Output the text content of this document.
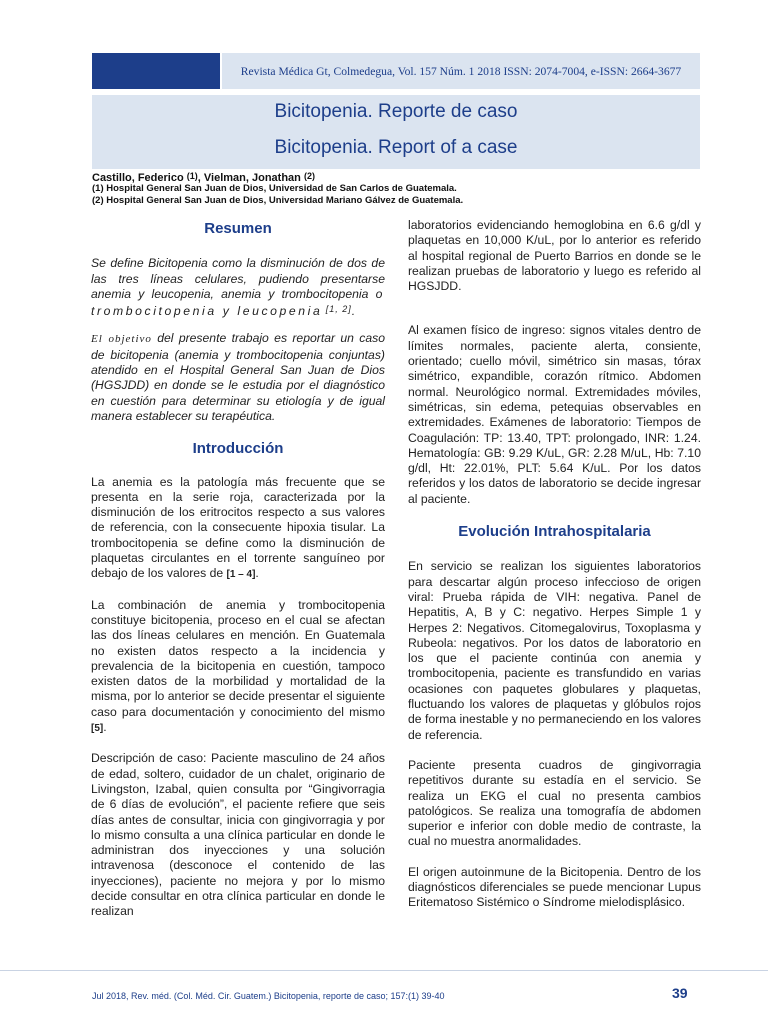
Revista Médica Gt, Colmedegua, Vol. 157 Núm. 1 2018 ISSN: 2074-7004, e-ISSN: 2664-3677
Bicitopenia. Reporte de caso
Bicitopenia. Report of a case
Castillo, Federico $^{(1)}$, Vielman, Jonathan $^{(2)}$
(1) Hospital General San Juan de Dios, Universidad de San Carlos de Guatemala.
(2) Hospital General San Juan de Dios, Universidad Mariano Gálvez de Guatemala.
Resumen

Se define Bicitopenia como la disminución de dos de las tres líneas celulares, pudiendo presentarse anemia y leucopenia, anemia y trombocitopenia o trombocitopenia y leucopenia [1, 2].

El objetivo del presente trabajo es reportar un caso de bicitopenia (anemia y trombocitopenia conjuntas) atendido en el Hospital General San Juan de Dios (HGSJDD) en donde se le estudia por el diagnóstico en cuestión para determinar su etiología y de igual manera establecer su terapéutica.

Introducción

La anemia es la patología más frecuente que se presenta en la serie roja, caracterizada por la disminución de los eritrocitos respecto a sus valores de referencia, con la consecuente hipoxia tisular. La trombocitopenia se define como la disminución de plaquetas circulantes en el torrente sanguíneo por debajo de los valores de [1 – 4].

La combinación de anemia y trombocitopenia constituye bicitopenia, proceso en el cual se afectan las dos líneas celulares en mención. En Guatemala no existen datos respecto a la incidencia y prevalencia de la bicitopenia en cuestión, tampoco existen datos de la morbilidad y mortalidad de la misma, por lo anterior se decide presentar el siguiente caso para documentación y conocimiento del mismo [5].

Descripción de caso: Paciente masculino de 24 años de edad, soltero, cuidador de un chalet, originario de Livingston, Izabal, quien consulta por “Gingivorragia de 6 días de evolución”, el paciente refiere que seis días antes de consultar, inicia con gingivorragia y por lo mismo consulta a una clínica particular en donde le administran dos inyecciones y una solución intravenosa (desconoce el contenido de las inyecciones), paciente no mejora y por lo mismo decide consultar en otra clínica particular en donde le realizan

laboratorios evidenciando hemoglobina en 6.6 g/dl y plaquetas en 10,000 K/uL, por lo anterior es referido al hospital regional de Puerto Barrios en donde se le realizan pruebas de laboratorio y luego es referido al HGSJDD.

Al examen físico de ingreso: signos vitales dentro de límites normales, paciente alerta, consiente, orientado; cuello móvil, simétrico sin masas, tórax simétrico, expandible, corazón rítmico. Abdomen normal. Neurológico normal. Extremidades móviles, simétricas, sin edema, petequias observables en extremidades. Exámenes de laboratorio: Tiempos de Coagulación: TP: 13.40, TPT: prolongado, INR: 1.24. Hematología: GB: 9.29 K/uL, GR: 2.28 M/uL, Hb: 7.10 g/dl, Ht: 22.01%, PLT: 5.64 K/uL. Por los datos referidos y los datos de laboratorio se decide ingresar al paciente.

Evolución Intrahospitalaria

En servicio se realizan los siguientes laboratorios para descartar algún proceso infeccioso de origen viral: Prueba rápida de VIH: negativa. Panel de Hepatitis, A, B y C: negativo. Herpes Simple 1 y Herpes 2: Negativos. Citomegalovirus, Toxoplasma y Rubeola: negativos. Por los datos de laboratorio en los que el paciente continúa con anemia y trombocitopenia, paciente es transfundido en varias ocasiones con paquetes globulares y plaquetas, fluctuando los valores de plaquetas y glóbulos rojos de forma inestable y no permaneciendo en los valores de referencia.

Paciente presenta cuadros de gingivorragia repetitivos durante su estadía en el servicio. Se realiza un EKG el cual no presenta cambios patológicos. Se realiza una tomografía de abdomen superior e inferior con doble medio de contraste, la cual no muestra anormalidades.

El origen autoinmune de la Bicitopenia. Dentro de los diagnósticos diferenciales se puede mencionar Lupus Eritematoso Sistémico o Síndrome mielodisplásico.

Jul 2018, Rev. méd. (Col. Méd. Cir. Guatem.) Bicitopenia, reporte de caso; 157:(1) 39-40	39
